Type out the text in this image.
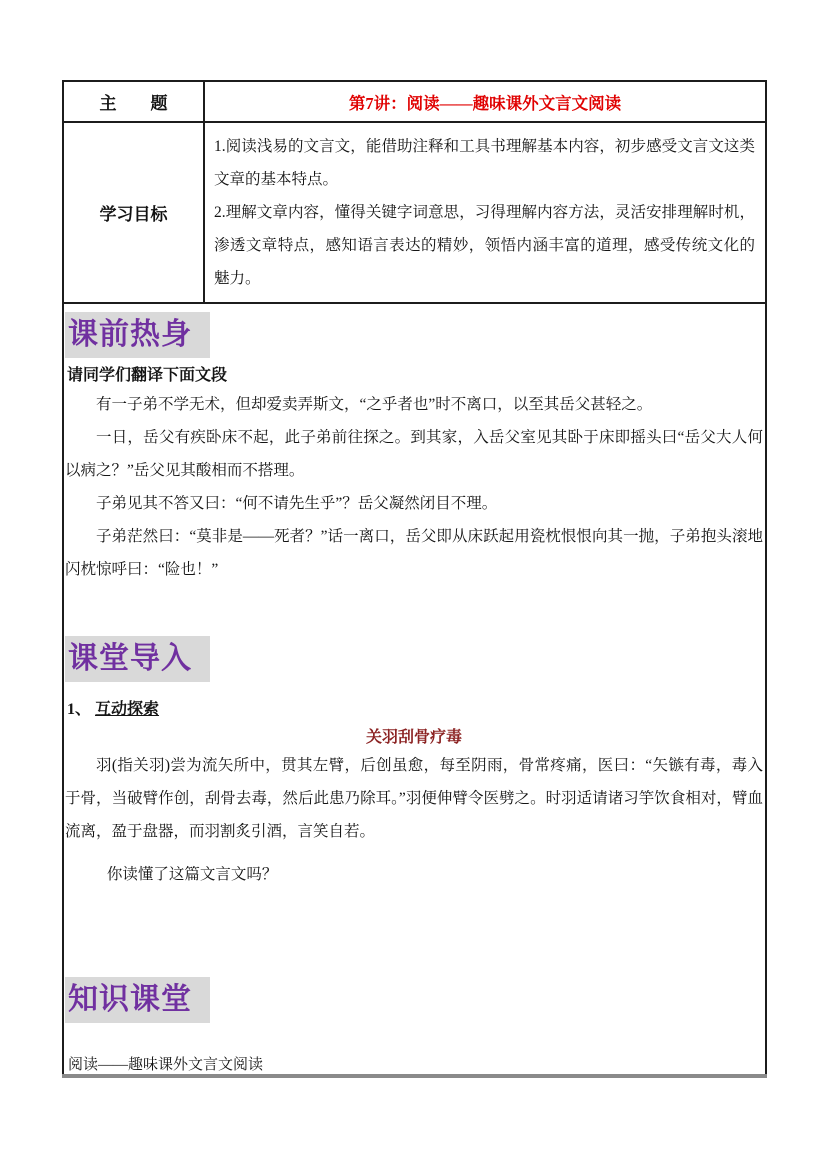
主　　题	第7讲：阅读——趣味课外文言文阅读

学习目标	1.阅读浅易的文言文，能借助注释和工具书理解基本内容，初步感受文言文这类文章的基本特点。

2.理解文章内容，懂得关键字词意思，习得理解内容方法，灵活安排理解时机，渗透文章特点，感知语言表达的精妙，领悟内涵丰富的道理，感受传统文化的魅力。

课前热身
请同学们翻译下面文段

有一子弟不学无术，但却爱卖弄斯文，“之乎者也”时不离口，以至其岳父甚轻之。

一日，岳父有疾卧床不起，此子弟前往探之。到其家，入岳父室见其卧于床即摇头曰“岳父大人何以病之？”岳父见其酸相而不搭理。

子弟见其不答又曰：“何不请先生乎”？岳父凝然闭目不理。

子弟茫然曰：“莫非是——死者？”话一离口，岳父即从床跃起用瓷枕恨恨向其一抛，子弟抱头滚地闪枕惊呼曰：“险也！”

课堂导入
1、 互动探索
关羽刮骨疗毒

羽(指关羽)尝为流矢所中，贯其左臂，后创虽愈，每至阴雨，骨常疼痛，医曰：“矢镞有毒，毒入于骨，当破臂作创，刮骨去毒，然后此患乃除耳。”羽便伸臂令医劈之。时羽适请诸习竽饮食相对，臂血流离，盈于盘器，而羽割炙引酒，言笑自若。

你读懂了这篇文言文吗？

知识课堂
阅读——趣味课外文言文阅读
